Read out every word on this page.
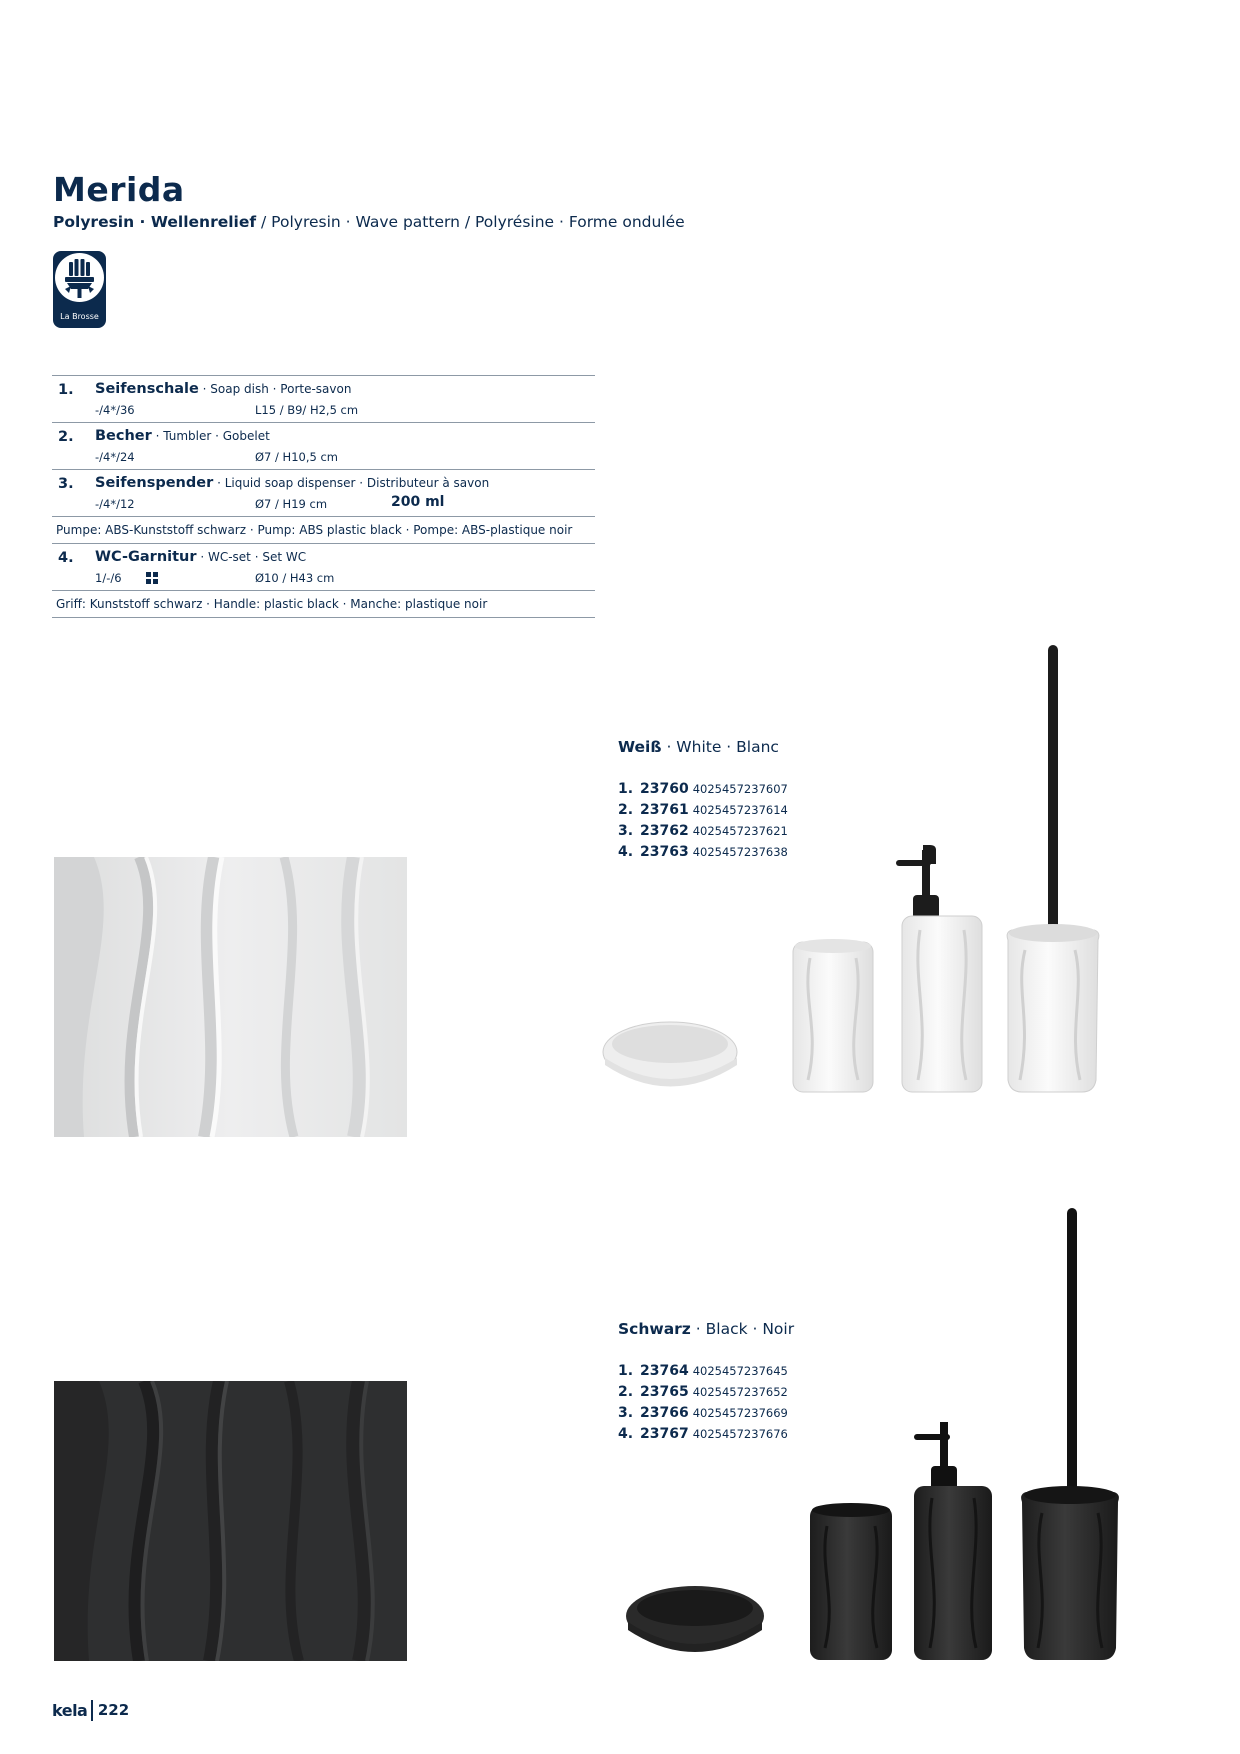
Merida
Polyresin · Wellenrelief / Polyresin · Wave pattern / Polyrésine · Forme ondulée
La Brosse
1. Seifenschale · Soap dish · Porte-savon
-/4*/36	L15 / B9/ H2,5 cm
2. Becher · Tumbler · Gobelet
-/4*/24	Ø7 / H10,5 cm
3. Seifenspender · Liquid soap dispenser · Distributeur à savon
-/4*/12	Ø7 / H19 cm	200 ml
Pumpe: ABS-Kunststoff schwarz · Pump: ABS plastic black · Pompe: ABS-plastique noir
4. WC-Garnitur · WC-set · Set WC
1/-/6	Ø10 / H43 cm
Griff: Kunststoff schwarz · Handle: plastic black · Manche: plastique noir
Weiß · White · Blanc
1. 23760 4025457237607
2. 23761 4025457237614
3. 23762 4025457237621
4. 23763 4025457237638
Schwarz · Black · Noir
1. 23764 4025457237645
2. 23765 4025457237652
3. 23766 4025457237669
4. 23767 4025457237676
kela 222
